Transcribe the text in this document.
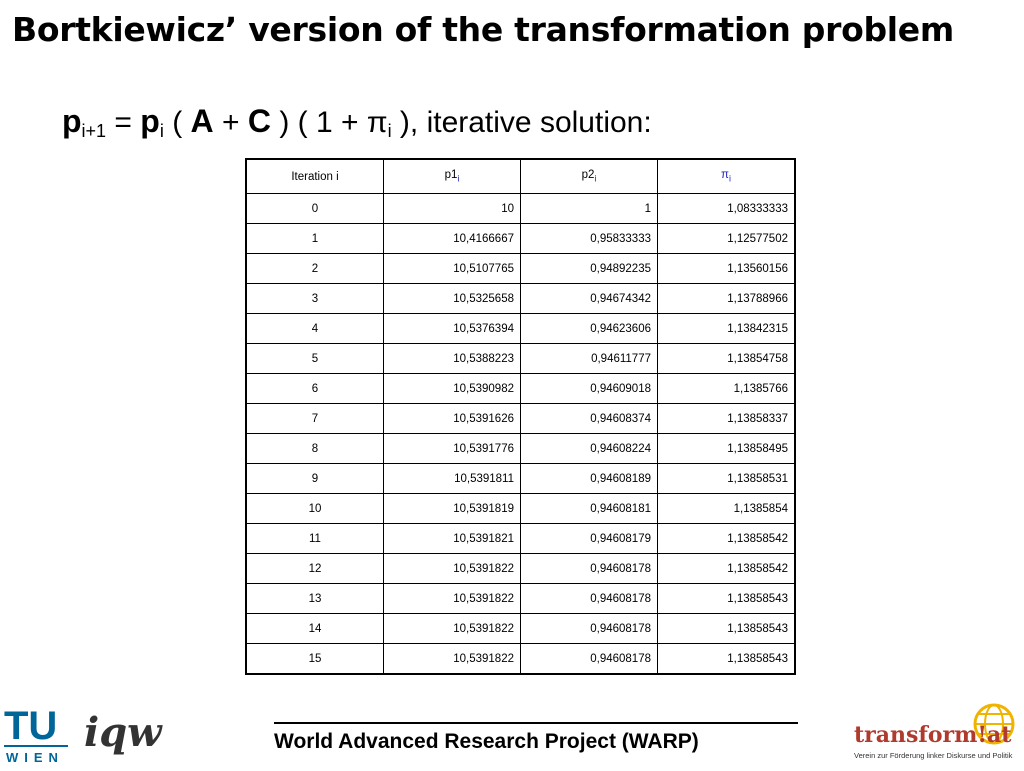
Bortkiewicz’ version of the transformation problem
$p_{i+1} = p_i$ ( A + C ) ( $1 + \pi_i$ ), iterative solution:
Iteration i	$p1_i$	$p2_i$	$\pi_i$
0	10	1	1,08333333
1	10,4166667	0,95833333	1,12577502
2	10,5107765	0,94892235	1,13560156
3	10,5325658	0,94674342	1,13788966
4	10,5376394	0,94623606	1,13842315
5	10,5388223	0,94611777	1,13854758
6	10,5390982	0,94609018	1,1385766
7	10,5391626	0,94608374	1,13858337
8	10,5391776	0,94608224	1,13858495
9	10,5391811	0,94608189	1,13858531
10	10,5391819	0,94608181	1,1385854
11	10,5391821	0,94608179	1,13858542
12	10,5391822	0,94608178	1,13858542
13	10,5391822	0,94608178	1,13858543
14	10,5391822	0,94608178	1,13858543
15	10,5391822	0,94608178	1,13858543
TU
WIEN
iqw	World Advanced Research Project (WARP)	transform!at
Verein zur Förderung linker Diskurse und Politik
